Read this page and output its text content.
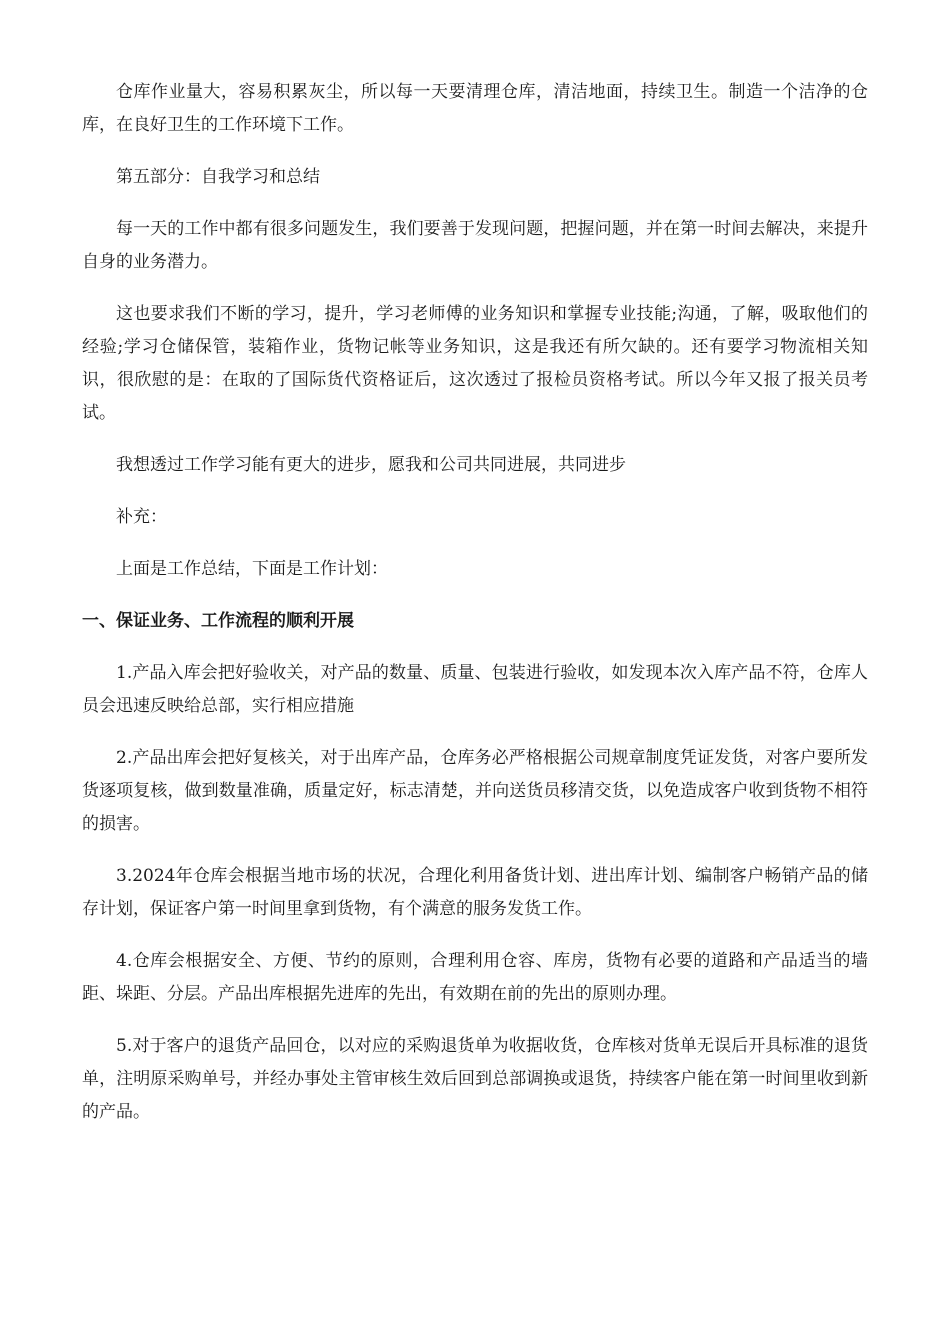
仓库作业量大，容易积累灰尘，所以每一天要清理仓库，清洁地面，持续卫生。制造一个洁净的仓库，在良好卫生的工作环境下工作。

第五部分：自我学习和总结

每一天的工作中都有很多问题发生，我们要善于发现问题，把握问题，并在第一时间去解决，来提升自身的业务潜力。

这也要求我们不断的学习，提升，学习老师傅的业务知识和掌握专业技能;沟通，了解，吸取他们的经验;学习仓储保管，装箱作业，货物记帐等业务知识，这是我还有所欠缺的。还有要学习物流相关知识，很欣慰的是：在取的了国际货代资格证后，这次透过了报检员资格考试。所以今年又报了报关员考试。

我想透过工作学习能有更大的进步，愿我和公司共同进展，共同进步

补充：

上面是工作总结，下面是工作计划：

一、保证业务、工作流程的顺利开展

1.产品入库会把好验收关，对产品的数量、质量、包装进行验收，如发现本次入库产品不符，仓库人员会迅速反映给总部，实行相应措施

2.产品出库会把好复核关，对于出库产品，仓库务必严格根据公司规章制度凭证发货，对客户要所发货逐项复核，做到数量准确，质量定好，标志清楚，并向送货员移清交货，以免造成客户收到货物不相符的损害。

3.2024年仓库会根据当地市场的状况，合理化利用备货计划、进出库计划、编制客户畅销产品的储存计划，保证客户第一时间里拿到货物，有个满意的服务发货工作。

4.仓库会根据安全、方便、节约的原则，合理利用仓容、库房，货物有必要的道路和产品适当的墙距、垛距、分层。产品出库根据先进库的先出，有效期在前的先出的原则办理。

5.对于客户的退货产品回仓，以对应的采购退货单为收据收货，仓库核对货单无误后开具标准的退货单，注明原采购单号，并经办事处主管审核生效后回到总部调换或退货，持续客户能在第一时间里收到新的产品。
